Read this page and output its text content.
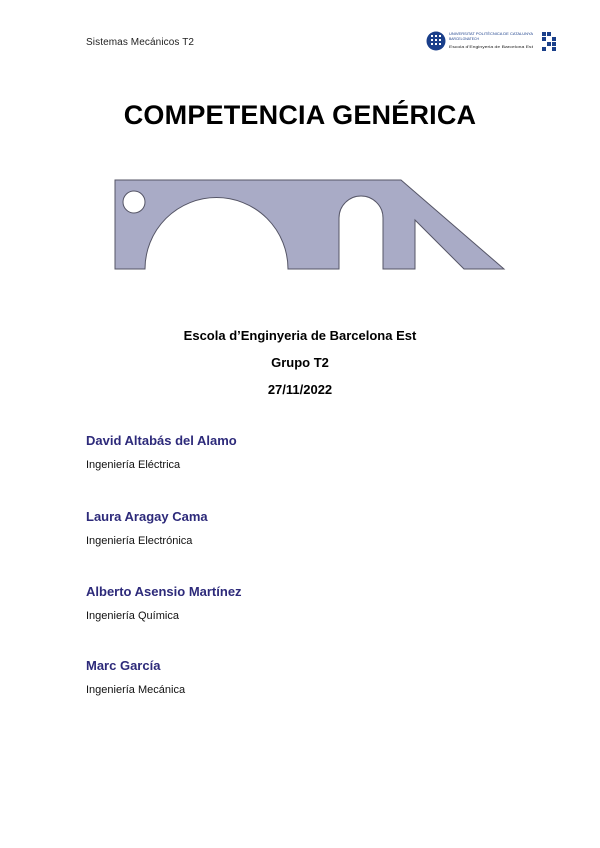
Sistemas Mecánicos T2
UNIVERSITAT POLITÈCNICA DE CATALUNYA
BARCELONATECH
Escola d'Enginyeria de Barcelona Est
COMPETENCIA GENÉRICA
Escola d’Enginyeria de Barcelona Est
Grupo T2
27/11/2022
David Altabás del Alamo
Ingeniería Eléctrica
Laura Aragay Cama
Ingeniería Electrónica
Alberto Asensio Martínez
Ingeniería Química
Marc García
Ingeniería Mecánica
